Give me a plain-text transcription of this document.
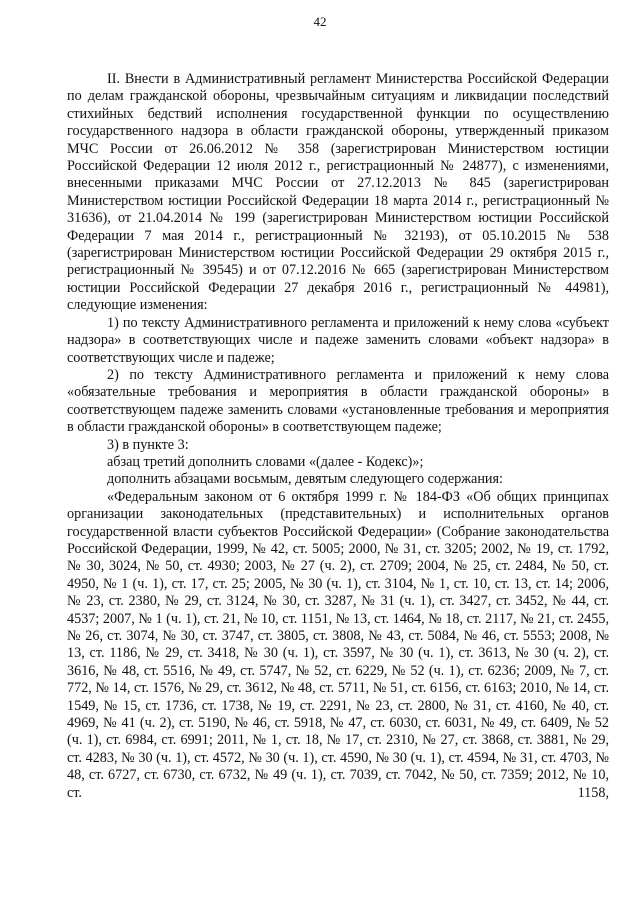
42

II. Внести в Административный регламент Министерства Российской Федерации по делам гражданской обороны, чрезвычайным ситуациям и ликвидации последствий стихийных бедствий исполнения государственной функции по осуществлению государственного надзора в области гражданской обороны, утвержденный приказом МЧС России от 26.06.2012 № 358 (зарегистрирован Министерством юстиции Российской Федерации 12 июля 2012 г., регистрационный № 24877), с изменениями, внесенными приказами МЧС России от 27.12.2013 № 845 (зарегистрирован Министерством юстиции Российской Федерации 18 марта 2014 г., регистрационный № 31636), от 21.04.2014 № 199 (зарегистрирован Министерством юстиции Российской Федерации 7 мая 2014 г., регистрационный № 32193), от 05.10.2015 № 538 (зарегистрирован Министерством юстиции Российской Федерации 29 октября 2015 г., регистрационный № 39545) и от 07.12.2016 № 665 (зарегистрирован Министерством юстиции Российской Федерации 27 декабря 2016 г., регистрационный № 44981), следующие изменения:

1) по тексту Административного регламента и приложений к нему слова «субъект надзора» в соответствующих числе и падеже заменить словами «объект надзора» в соответствующих числе и падеже;

2) по тексту Административного регламента и приложений к нему слова «обязательные требования и мероприятия в области гражданской обороны» в соответствующем падеже заменить словами «установленные требования и мероприятия в области гражданской обороны» в соответствующем падеже;

3) в пункте 3:

абзац третий дополнить словами «(далее - Кодекс)»;

дополнить абзацами восьмым, девятым следующего содержания:

«Федеральным законом от 6 октября 1999 г. № 184-ФЗ «Об общих принципах организации законодательных (представительных) и исполнительных органов государственной власти субъектов Российской Федерации» (Собрание законодательства Российской Федерации, 1999, № 42, ст. 5005; 2000, № 31, ст. 3205; 2002, № 19, ст. 1792, № 30, 3024, № 50, ст. 4930; 2003, № 27 (ч. 2), ст. 2709; 2004, № 25, ст. 2484, № 50, ст. 4950, № 1 (ч. 1), ст. 17, ст. 25; 2005, № 30 (ч. 1), ст. 3104, № 1, ст. 10, ст. 13, ст. 14; 2006, № 23, ст. 2380, № 29, ст. 3124, № 30, ст. 3287, № 31 (ч. 1), ст. 3427, ст. 3452, № 44, ст. 4537; 2007, № 1 (ч. 1), ст. 21, № 10, ст. 1151, № 13, ст. 1464, № 18, ст. 2117, № 21, ст. 2455, № 26, ст. 3074, № 30, ст. 3747, ст. 3805, ст. 3808, № 43, ст. 5084, № 46, ст. 5553; 2008, № 13, ст. 1186, № 29, ст. 3418, № 30 (ч. 1), ст. 3597, № 30 (ч. 1), ст. 3613, № 30 (ч. 2), ст. 3616, № 48, ст. 5516, № 49, ст. 5747, № 52, ст. 6229, № 52 (ч. 1), ст. 6236; 2009, № 7, ст. 772, № 14, ст. 1576, № 29, ст. 3612, № 48, ст. 5711, № 51, ст. 6156, ст. 6163; 2010, № 14, ст. 1549, № 15, ст. 1736, ст. 1738, № 19, ст. 2291, № 23, ст. 2800, № 31, ст. 4160, № 40, ст. 4969, № 41 (ч. 2), ст. 5190, № 46, ст. 5918, № 47, ст. 6030, ст. 6031, № 49, ст. 6409, № 52 (ч. 1), ст. 6984, ст. 6991; 2011, № 1, ст. 18, № 17, ст. 2310, № 27, ст. 3868, ст. 3881, № 29, ст. 4283, № 30 (ч. 1), ст. 4572, № 30 (ч. 1), ст. 4590, № 30 (ч. 1), ст. 4594, № 31, ст. 4703, № 48, ст. 6727, ст. 6730, ст. 6732, № 49 (ч. 1), ст. 7039, ст. 7042, № 50, ст. 7359; 2012, № 10, ст. 1158,
